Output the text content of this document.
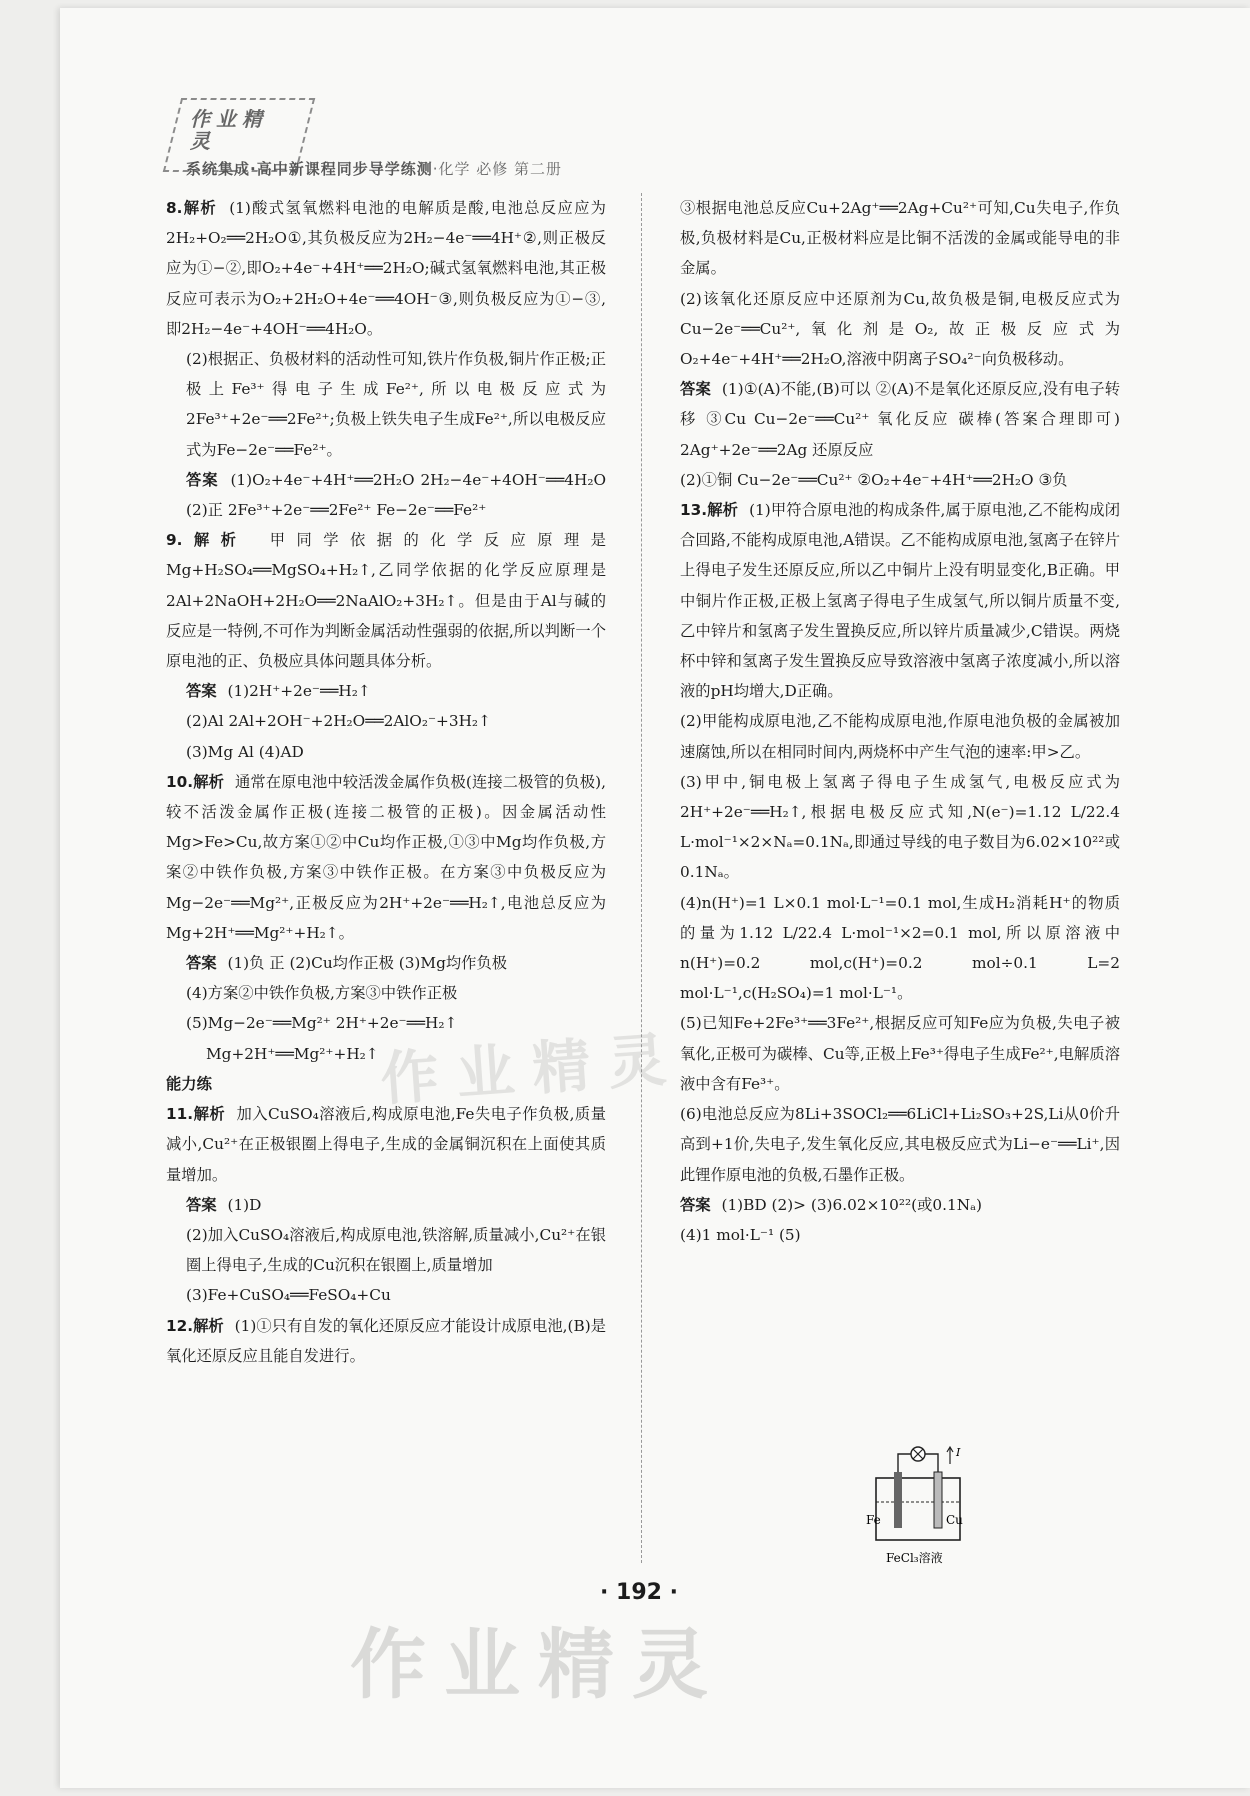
作业精灵
系统集成·高中新课程同步导学练测·化学 必修 第二册

8.解析 (1)酸式氢氧燃料电池的电解质是酸,电池总反应应为2H₂+O₂══2H₂O①,其负极反应为2H₂−4e⁻══4H⁺②,则正极反应为①−②,即O₂+4e⁻+4H⁺══2H₂O;碱式氢氧燃料电池,其正极反应可表示为O₂+2H₂O+4e⁻══4OH⁻③,则负极反应为①−③,即2H₂−4e⁻+4OH⁻══4H₂O。

(2)根据正、负极材料的活动性可知,铁片作负极,铜片作正极;正极上Fe³⁺得电子生成Fe²⁺,所以电极反应式为2Fe³⁺+2e⁻══2Fe²⁺;负极上铁失电子生成Fe²⁺,所以电极反应式为Fe−2e⁻══Fe²⁺。

答案 (1)O₂+4e⁻+4H⁺══2H₂O 2H₂−4e⁻+4OH⁻══4H₂O (2)正 2Fe³⁺+2e⁻══2Fe²⁺ Fe−2e⁻══Fe²⁺

9.解析 甲同学依据的化学反应原理是Mg+H₂SO₄══MgSO₄+H₂↑,乙同学依据的化学反应原理是2Al+2NaOH+2H₂O══2NaAlO₂+3H₂↑。但是由于Al与碱的反应是一特例,不可作为判断金属活动性强弱的依据,所以判断一个原电池的正、负极应具体问题具体分析。

答案 (1)2H⁺+2e⁻══H₂↑

(2)Al 2Al+2OH⁻+2H₂O══2AlO₂⁻+3H₂↑

(3)Mg Al (4)AD

10.解析 通常在原电池中较活泼金属作负极(连接二极管的负极),较不活泼金属作正极(连接二极管的正极)。因金属活动性Mg>Fe>Cu,故方案①②中Cu均作正极,①③中Mg均作负极,方案②中铁作负极,方案③中铁作正极。在方案③中负极反应为Mg−2e⁻══Mg²⁺,正极反应为2H⁺+2e⁻══H₂↑,电池总反应为Mg+2H⁺══Mg²⁺+H₂↑。

答案 (1)负 正 (2)Cu均作正极 (3)Mg均作负极

(4)方案②中铁作负极,方案③中铁作正极

(5)Mg−2e⁻══Mg²⁺ 2H⁺+2e⁻══H₂↑

Mg+2H⁺══Mg²⁺+H₂↑

能力练

11.解析 加入CuSO₄溶液后,构成原电池,Fe失电子作负极,质量减小,Cu²⁺在正极银圈上得电子,生成的金属铜沉积在上面使其质量增加。

答案 (1)D

(2)加入CuSO₄溶液后,构成原电池,铁溶解,质量减小,Cu²⁺在银圈上得电子,生成的Cu沉积在银圈上,质量增加

(3)Fe+CuSO₄══FeSO₄+Cu

12.解析 (1)①只有自发的氧化还原反应才能设计成原电池,(B)是氧化还原反应且能自发进行。

③根据电池总反应Cu+2Ag⁺══2Ag+Cu²⁺可知,Cu失电子,作负极,负极材料是Cu,正极材料应是比铜不活泼的金属或能导电的非金属。

(2)该氧化还原反应中还原剂为Cu,故负极是铜,电极反应式为Cu−2e⁻══Cu²⁺,氧化剂是O₂,故正极反应式为O₂+4e⁻+4H⁺══2H₂O,溶液中阴离子SO₄²⁻向负极移动。

答案 (1)①(A)不能,(B)可以 ②(A)不是氧化还原反应,没有电子转移 ③Cu Cu−2e⁻══Cu²⁺ 氧化反应 碳棒(答案合理即可) 2Ag⁺+2e⁻══2Ag 还原反应

(2)①铜 Cu−2e⁻══Cu²⁺ ②O₂+4e⁻+4H⁺══2H₂O ③负

13.解析 (1)甲符合原电池的构成条件,属于原电池,乙不能构成闭合回路,不能构成原电池,A错误。乙不能构成原电池,氢离子在锌片上得电子发生还原反应,所以乙中铜片上没有明显变化,B正确。甲中铜片作正极,正极上氢离子得电子生成氢气,所以铜片质量不变,乙中锌片和氢离子发生置换反应,所以锌片质量减少,C错误。两烧杯中锌和氢离子发生置换反应导致溶液中氢离子浓度减小,所以溶液的pH均增大,D正确。

(2)甲能构成原电池,乙不能构成原电池,作原电池负极的金属被加速腐蚀,所以在相同时间内,两烧杯中产生气泡的速率:甲>乙。

(3)甲中,铜电极上氢离子得电子生成氢气,电极反应式为2H⁺+2e⁻══H₂↑,根据电极反应式知,N(e⁻)=1.12 L/22.4 L·mol⁻¹×2×Nₐ=0.1Nₐ,即通过导线的电子数目为6.02×10²²或0.1Nₐ。

(4)n(H⁺)=1 L×0.1 mol·L⁻¹=0.1 mol,生成H₂消耗H⁺的物质的量为1.12 L/22.4 L·mol⁻¹×2=0.1 mol,所以原溶液中n(H⁺)=0.2 mol,c(H⁺)=0.2 mol÷0.1 L=2 mol·L⁻¹,c(H₂SO₄)=1 mol·L⁻¹。

(5)已知Fe+2Fe³⁺══3Fe²⁺,根据反应可知Fe应为负极,失电子被氧化,正极可为碳棒、Cu等,正极上Fe³⁺得电子生成Fe²⁺,电解质溶液中含有Fe³⁺。

(6)电池总反应为8Li+3SOCl₂══6LiCl+Li₂SO₃+2S,Li从0价升高到+1价,失电子,发生氧化反应,其电极反应式为Li−e⁻══Li⁺,因此锂作原电池的负极,石墨作正极。

答案 (1)BD (2)> (3)6.02×10²²(或0.1Nₐ)

(4)1 mol·L⁻¹ (5)

I
Fe	Cu
FeCl₃溶液
· 192 ·
作业精灵
作业精灵
